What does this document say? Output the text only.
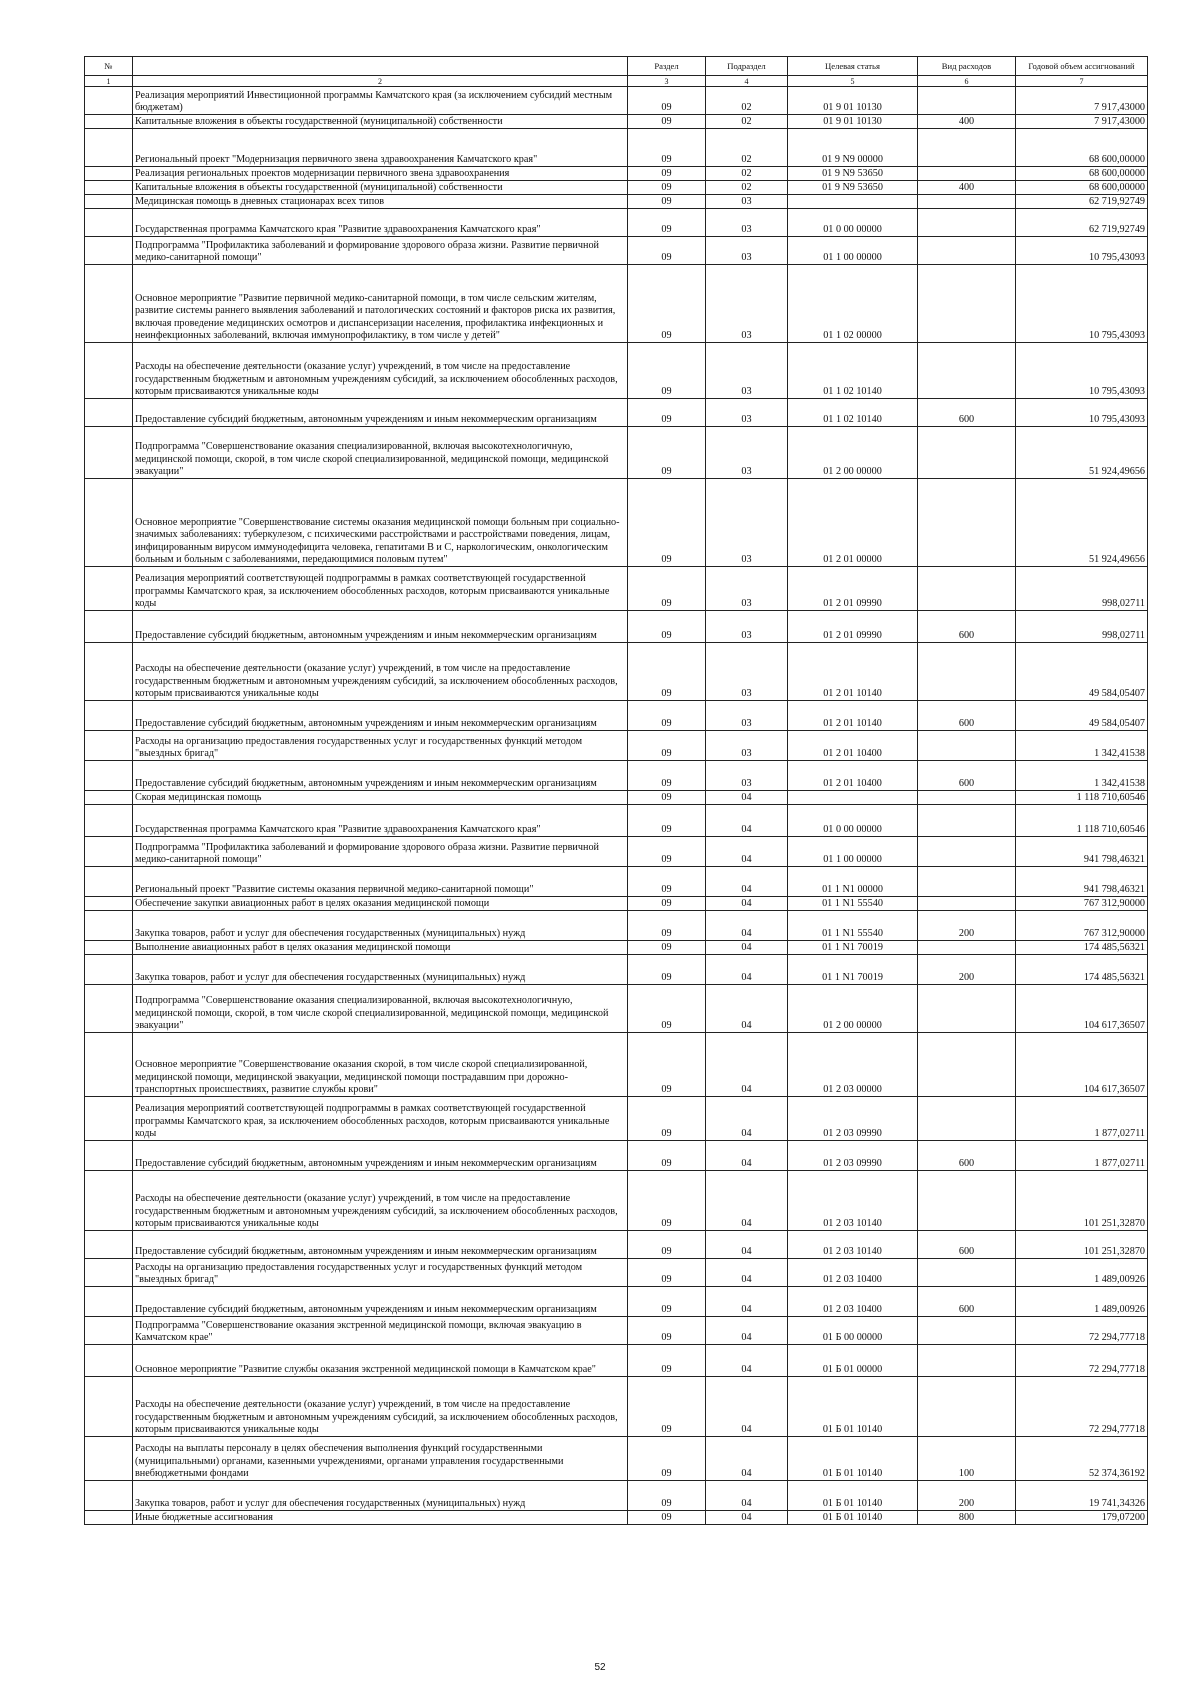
№		Раздел	Подраздел	Целевая статья	Вид расходов	Годовой объем ассигнований
1	2	3	4	5	6	7
	Реализация мероприятий Инвестиционной программы Камчатского края (за исключением субсидий местным бюджетам)	09	02	01 9 01 10130		7 917,43000
	Капитальные вложения в объекты государственной (муниципальной) собственности	09	02	01 9 01 10130	400	7 917,43000
	Региональный проект "Модернизация первичного звена здравоохранения Камчатского края"	09	02	01 9 N9 00000		68 600,00000
	Реализация региональных проектов модернизации первичного звена здравоохранения	09	02	01 9 N9 53650		68 600,00000
	Капитальные вложения в объекты государственной (муниципальной) собственности	09	02	01 9 N9 53650	400	68 600,00000
	Медицинская помощь в дневных стационарах всех типов	09	03			62 719,92749
	Государственная программа Камчатского края "Развитие здравоохранения Камчатского края"	09	03	01 0 00 00000		62 719,92749
	Подпрограмма "Профилактика заболеваний и формирование здорового образа жизни. Развитие первичной медико-санитарной помощи"	09	03	01 1 00 00000		10 795,43093
	Основное мероприятие "Развитие первичной медико-санитарной помощи, в том числе сельским жителям, развитие системы раннего выявления заболеваний и патологических состояний и факторов риска их развития, включая проведение медицинских осмотров и диспансеризации населения, профилактика инфекционных и неинфекционных заболеваний, включая иммунопрофилактику, в том числе у детей"	09	03	01 1 02 00000		10 795,43093
	Расходы на обеспечение деятельности (оказание услуг) учреждений, в том числе на предоставление государственным бюджетным и автономным учреждениям субсидий, за исключением обособленных расходов, которым присваиваются уникальные коды	09	03	01 1 02 10140		10 795,43093
	Предоставление субсидий бюджетным, автономным учреждениям и иным некоммерческим организациям	09	03	01 1 02 10140	600	10 795,43093
	Подпрограмма "Совершенствование оказания специализированной, включая высокотехнологичную, медицинской помощи, скорой, в том числе скорой специализированной, медицинской помощи, медицинской эвакуации"	09	03	01 2 00 00000		51 924,49656
	Основное мероприятие "Совершенствование системы оказания медицинской помощи больным при социально-значимых заболеваниях: туберкулезом, с психическими расстройствами и расстройствами поведения, лицам, инфицированным вирусом иммунодефицита человека, гепатитами В и С, наркологическим, онкологическим больным и больным с заболеваниями, передающимися половым путем"	09	03	01 2 01 00000		51 924,49656
	Реализация мероприятий соответствующей подпрограммы в рамках соответствующей государственной программы Камчатского края, за исключением обособленных расходов, которым присваиваются уникальные коды	09	03	01 2 01 09990		998,02711
	Предоставление субсидий бюджетным, автономным учреждениям и иным некоммерческим организациям	09	03	01 2 01 09990	600	998,02711
	Расходы на обеспечение деятельности (оказание услуг) учреждений, в том числе на предоставление государственным бюджетным и автономным учреждениям субсидий, за исключением обособленных расходов, которым присваиваются уникальные коды	09	03	01 2 01 10140		49 584,05407
	Предоставление субсидий бюджетным, автономным учреждениям и иным некоммерческим организациям	09	03	01 2 01 10140	600	49 584,05407
	Расходы на организацию предоставления государственных услуг и государственных функций методом "выездных бригад"	09	03	01 2 01 10400		1 342,41538
	Предоставление субсидий бюджетным, автономным учреждениям и иным некоммерческим организациям	09	03	01 2 01 10400	600	1 342,41538
	Скорая медицинская помощь	09	04			1 118 710,60546
	Государственная программа Камчатского края "Развитие здравоохранения Камчатского края"	09	04	01 0 00 00000		1 118 710,60546
	Подпрограмма "Профилактика заболеваний и формирование здорового образа жизни. Развитие первичной медико-санитарной помощи"	09	04	01 1 00 00000		941 798,46321
	Региональный проект "Развитие системы оказания первичной медико-санитарной помощи"	09	04	01 1 N1 00000		941 798,46321
	Обеспечение закупки авиационных работ в целях оказания медицинской помощи	09	04	01 1 N1 55540		767 312,90000
	Закупка товаров, работ и услуг для обеспечения государственных (муниципальных) нужд	09	04	01 1 N1 55540	200	767 312,90000
	Выполнение авиационных работ в целях оказания медицинской помощи	09	04	01 1 N1 70019		174 485,56321
	Закупка товаров, работ и услуг для обеспечения государственных (муниципальных) нужд	09	04	01 1 N1 70019	200	174 485,56321
	Подпрограмма "Совершенствование оказания специализированной, включая высокотехнологичную, медицинской помощи, скорой, в том числе скорой специализированной, медицинской помощи, медицинской эвакуации"	09	04	01 2 00 00000		104 617,36507
	Основное мероприятие "Совершенствование оказания скорой, в том числе скорой специализированной, медицинской помощи, медицинской эвакуации, медицинской помощи пострадавшим при дорожно-транспортных происшествиях, развитие службы крови"	09	04	01 2 03 00000		104 617,36507
	Реализация мероприятий соответствующей подпрограммы в рамках соответствующей государственной программы Камчатского края, за исключением обособленных расходов, которым присваиваются уникальные коды	09	04	01 2 03 09990		1 877,02711
	Предоставление субсидий бюджетным, автономным учреждениям и иным некоммерческим организациям	09	04	01 2 03 09990	600	1 877,02711
	Расходы на обеспечение деятельности (оказание услуг) учреждений, в том числе на предоставление государственным бюджетным и автономным учреждениям субсидий, за исключением обособленных расходов, которым присваиваются уникальные коды	09	04	01 2 03 10140		101 251,32870
	Предоставление субсидий бюджетным, автономным учреждениям и иным некоммерческим организациям	09	04	01 2 03 10140	600	101 251,32870
	Расходы на организацию предоставления государственных услуг и государственных функций методом "выездных бригад"	09	04	01 2 03 10400		1 489,00926
	Предоставление субсидий бюджетным, автономным учреждениям и иным некоммерческим организациям	09	04	01 2 03 10400	600	1 489,00926
	Подпрограмма "Совершенствование оказания экстренной медицинской помощи, включая эвакуацию в Камчатском крае"	09	04	01 Б 00 00000		72 294,77718
	Основное мероприятие "Развитие службы оказания экстренной медицинской помощи в Камчатском крае"	09	04	01 Б 01 00000		72 294,77718
	Расходы на обеспечение деятельности (оказание услуг) учреждений, в том числе на предоставление государственным бюджетным и автономным учреждениям субсидий, за исключением обособленных расходов, которым присваиваются уникальные коды	09	04	01 Б 01 10140		72 294,77718
	Расходы на выплаты персоналу в целях обеспечения выполнения функций государственными (муниципальными) органами, казенными учреждениями, органами управления государственными внебюджетными фондами	09	04	01 Б 01 10140	100	52 374,36192
	Закупка товаров, работ и услуг для обеспечения государственных (муниципальных) нужд	09	04	01 Б 01 10140	200	19 741,34326
	Иные бюджетные ассигнования	09	04	01 Б 01 10140	800	179,07200
52
